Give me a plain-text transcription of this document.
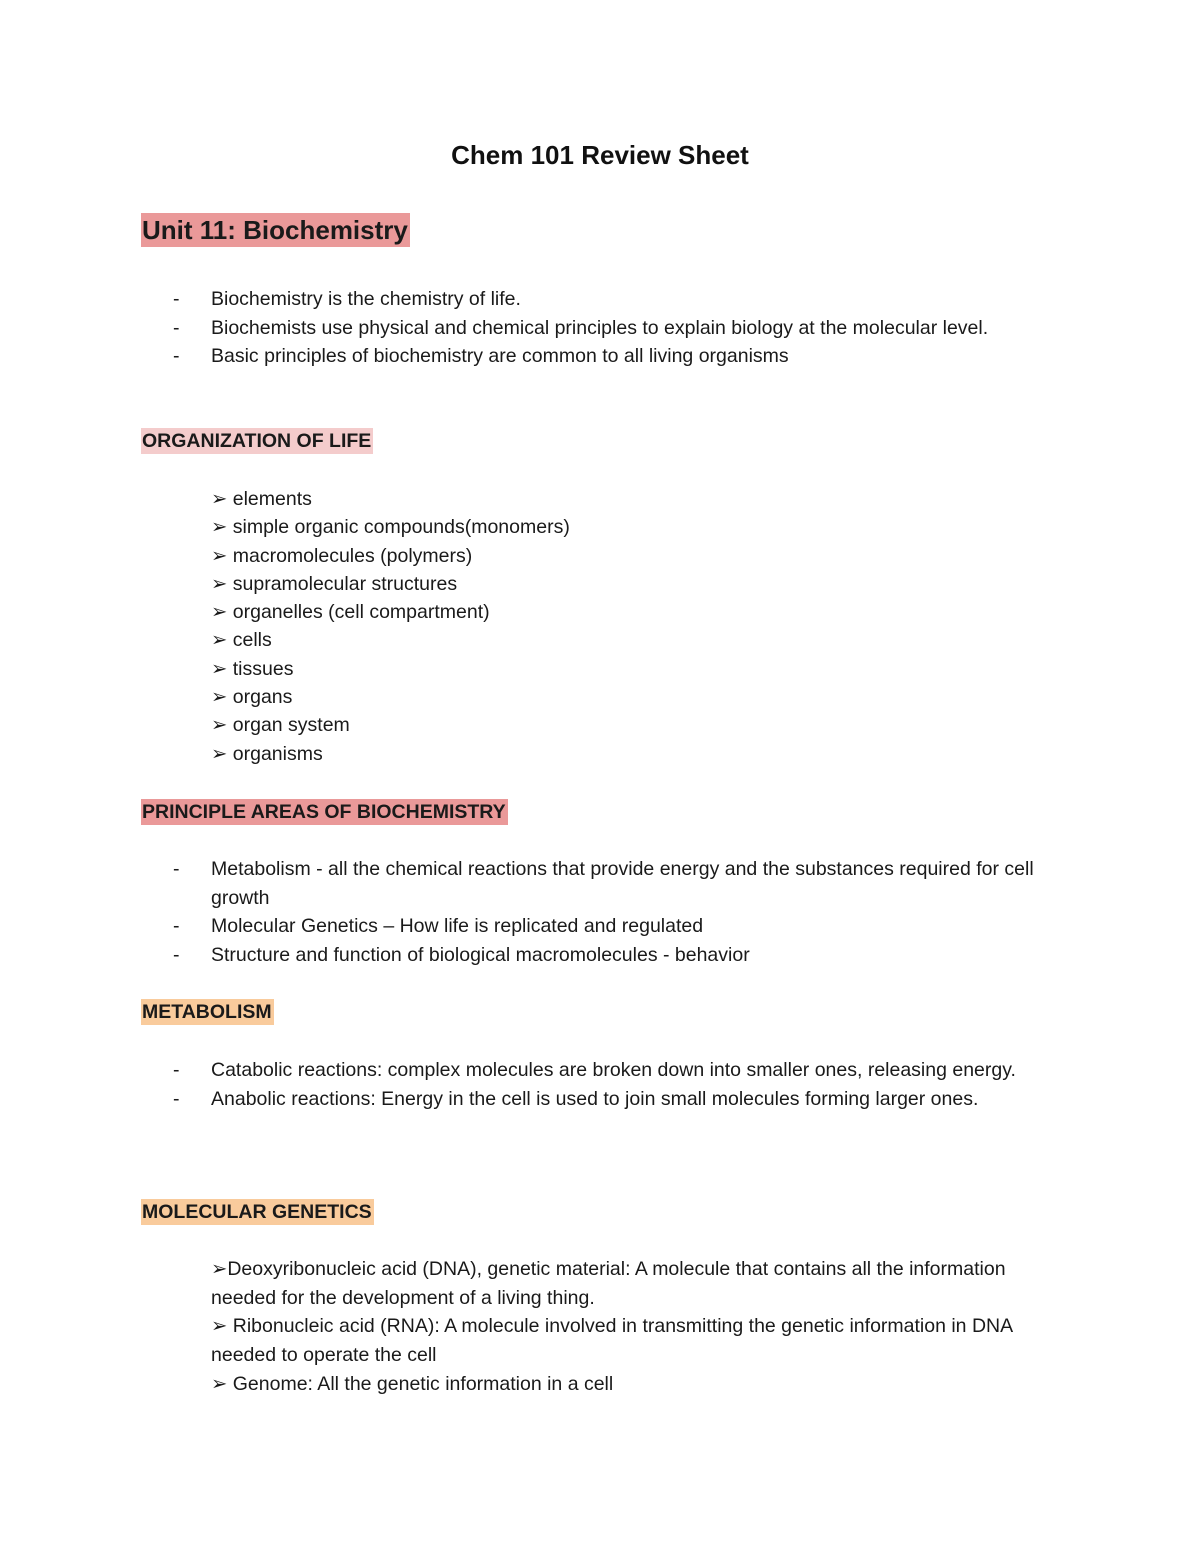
Chem 101 Review Sheet
Unit 11: Biochemistry
- Biochemistry is the chemistry of life.
- Biochemists use physical and chemical principles to explain biology at the molecular level.
- Basic principles of biochemistry are common to all living organisms
ORGANIZATION OF LIFE
➢ elements
➢ simple organic compounds(monomers)
➢ macromolecules (polymers)
➢ supramolecular structures
➢ organelles (cell compartment)
➢ cells
➢ tissues
➢ organs
➢ organ system
➢ organisms
PRINCIPLE AREAS OF BIOCHEMISTRY
- Metabolism - all the chemical reactions that provide energy and the substances required for cell growth
- Molecular Genetics – How life is replicated and regulated
- Structure and function of biological macromolecules - behavior
METABOLISM
- Catabolic reactions: complex molecules are broken down into smaller ones, releasing energy.
- Anabolic reactions: Energy in the cell is used to join small molecules forming larger ones.
MOLECULAR GENETICS
➢Deoxyribonucleic acid (DNA), genetic material: A molecule that contains all the information needed for the development of a living thing.
➢ Ribonucleic acid (RNA): A molecule involved in transmitting the genetic information in DNA needed to operate the cell
➢ Genome: All the genetic information in a cell
